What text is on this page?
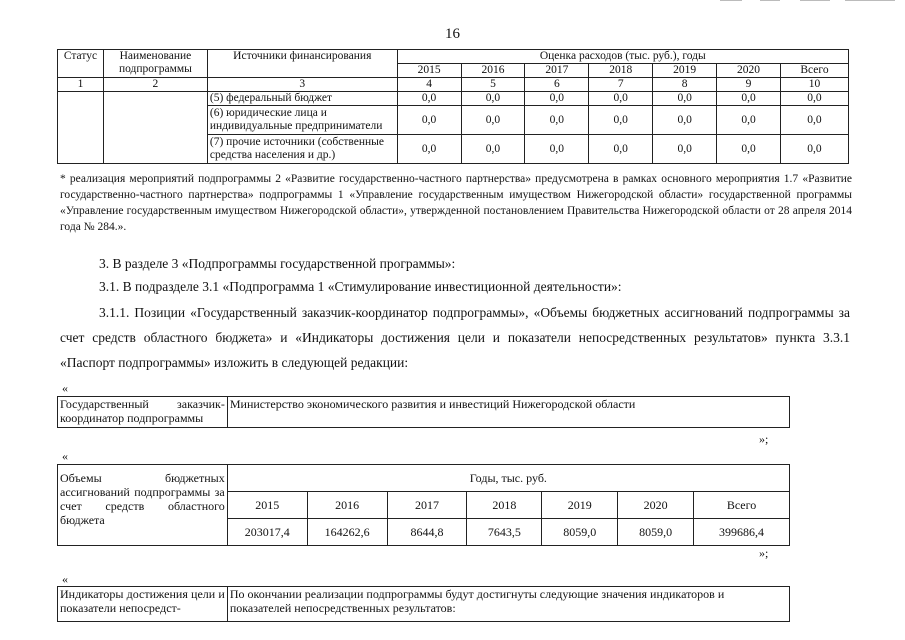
16
Статус	Наименование подпрограммы	Источники финансирования	Оценка расходов (тыс. руб.), годы						
			2015	2016	2017	2018	2019	2020	Всего
1	2	3	4	5	6	7	8	9	10
		(5) федеральный бюджет	0,0	0,0	0,0	0,0	0,0	0,0	0,0
		(6) юридические лица и индивидуальные предприниматели	0,0	0,0	0,0	0,0	0,0	0,0	0,0
		(7) прочие источники (собственные средства населения и др.)	0,0	0,0	0,0	0,0	0,0	0,0	0,0
* реализация мероприятий подпрограммы 2 «Развитие государственно-частного партнерства» предусмотрена в рамках основного мероприятия 1.7 «Развитие государственно-частного партнерства» подпрограммы 1 «Управление государственным имуществом Нижегородской области» государственной программы «Управление государственным имуществом Нижегородской области», утвержденной постановлением Правительства Нижегородской области от 28 апреля 2014 года № 284.».
3. В разделе 3 «Подпрограммы государственной программы»:
3.1. В подразделе 3.1 «Подпрограмма 1 «Стимулирование инвестиционной деятельности»:
3.1.1. Позиции «Государственный заказчик-координатор подпрограммы», «Объемы бюджетных ассигнований подпрограммы за счет средств областного бюджета» и «Индикаторы достижения цели и показатели непосредственных результатов» пункта 3.3.1 «Паспорт подпрограммы» изложить в следующей редакции:
«
Государственный заказчик-координатор подпрограммы	Министерство экономического развития и инвестиций Нижегородской области
»;
«
Объемы бюджетных ассигнований подпрограммы за счет средств областного бюджета	Годы, тыс. руб.						
	2015	2016	2017	2018	2019	2020	Всего
	203017,4	164262,6	8644,8	7643,5	8059,0	8059,0	399686,4
»;
«
Индикаторы достижения цели и показатели непосредст-	По окончании реализации подпрограммы будут достигнуты следующие значения индикаторов и показателей непосредственных результатов:
